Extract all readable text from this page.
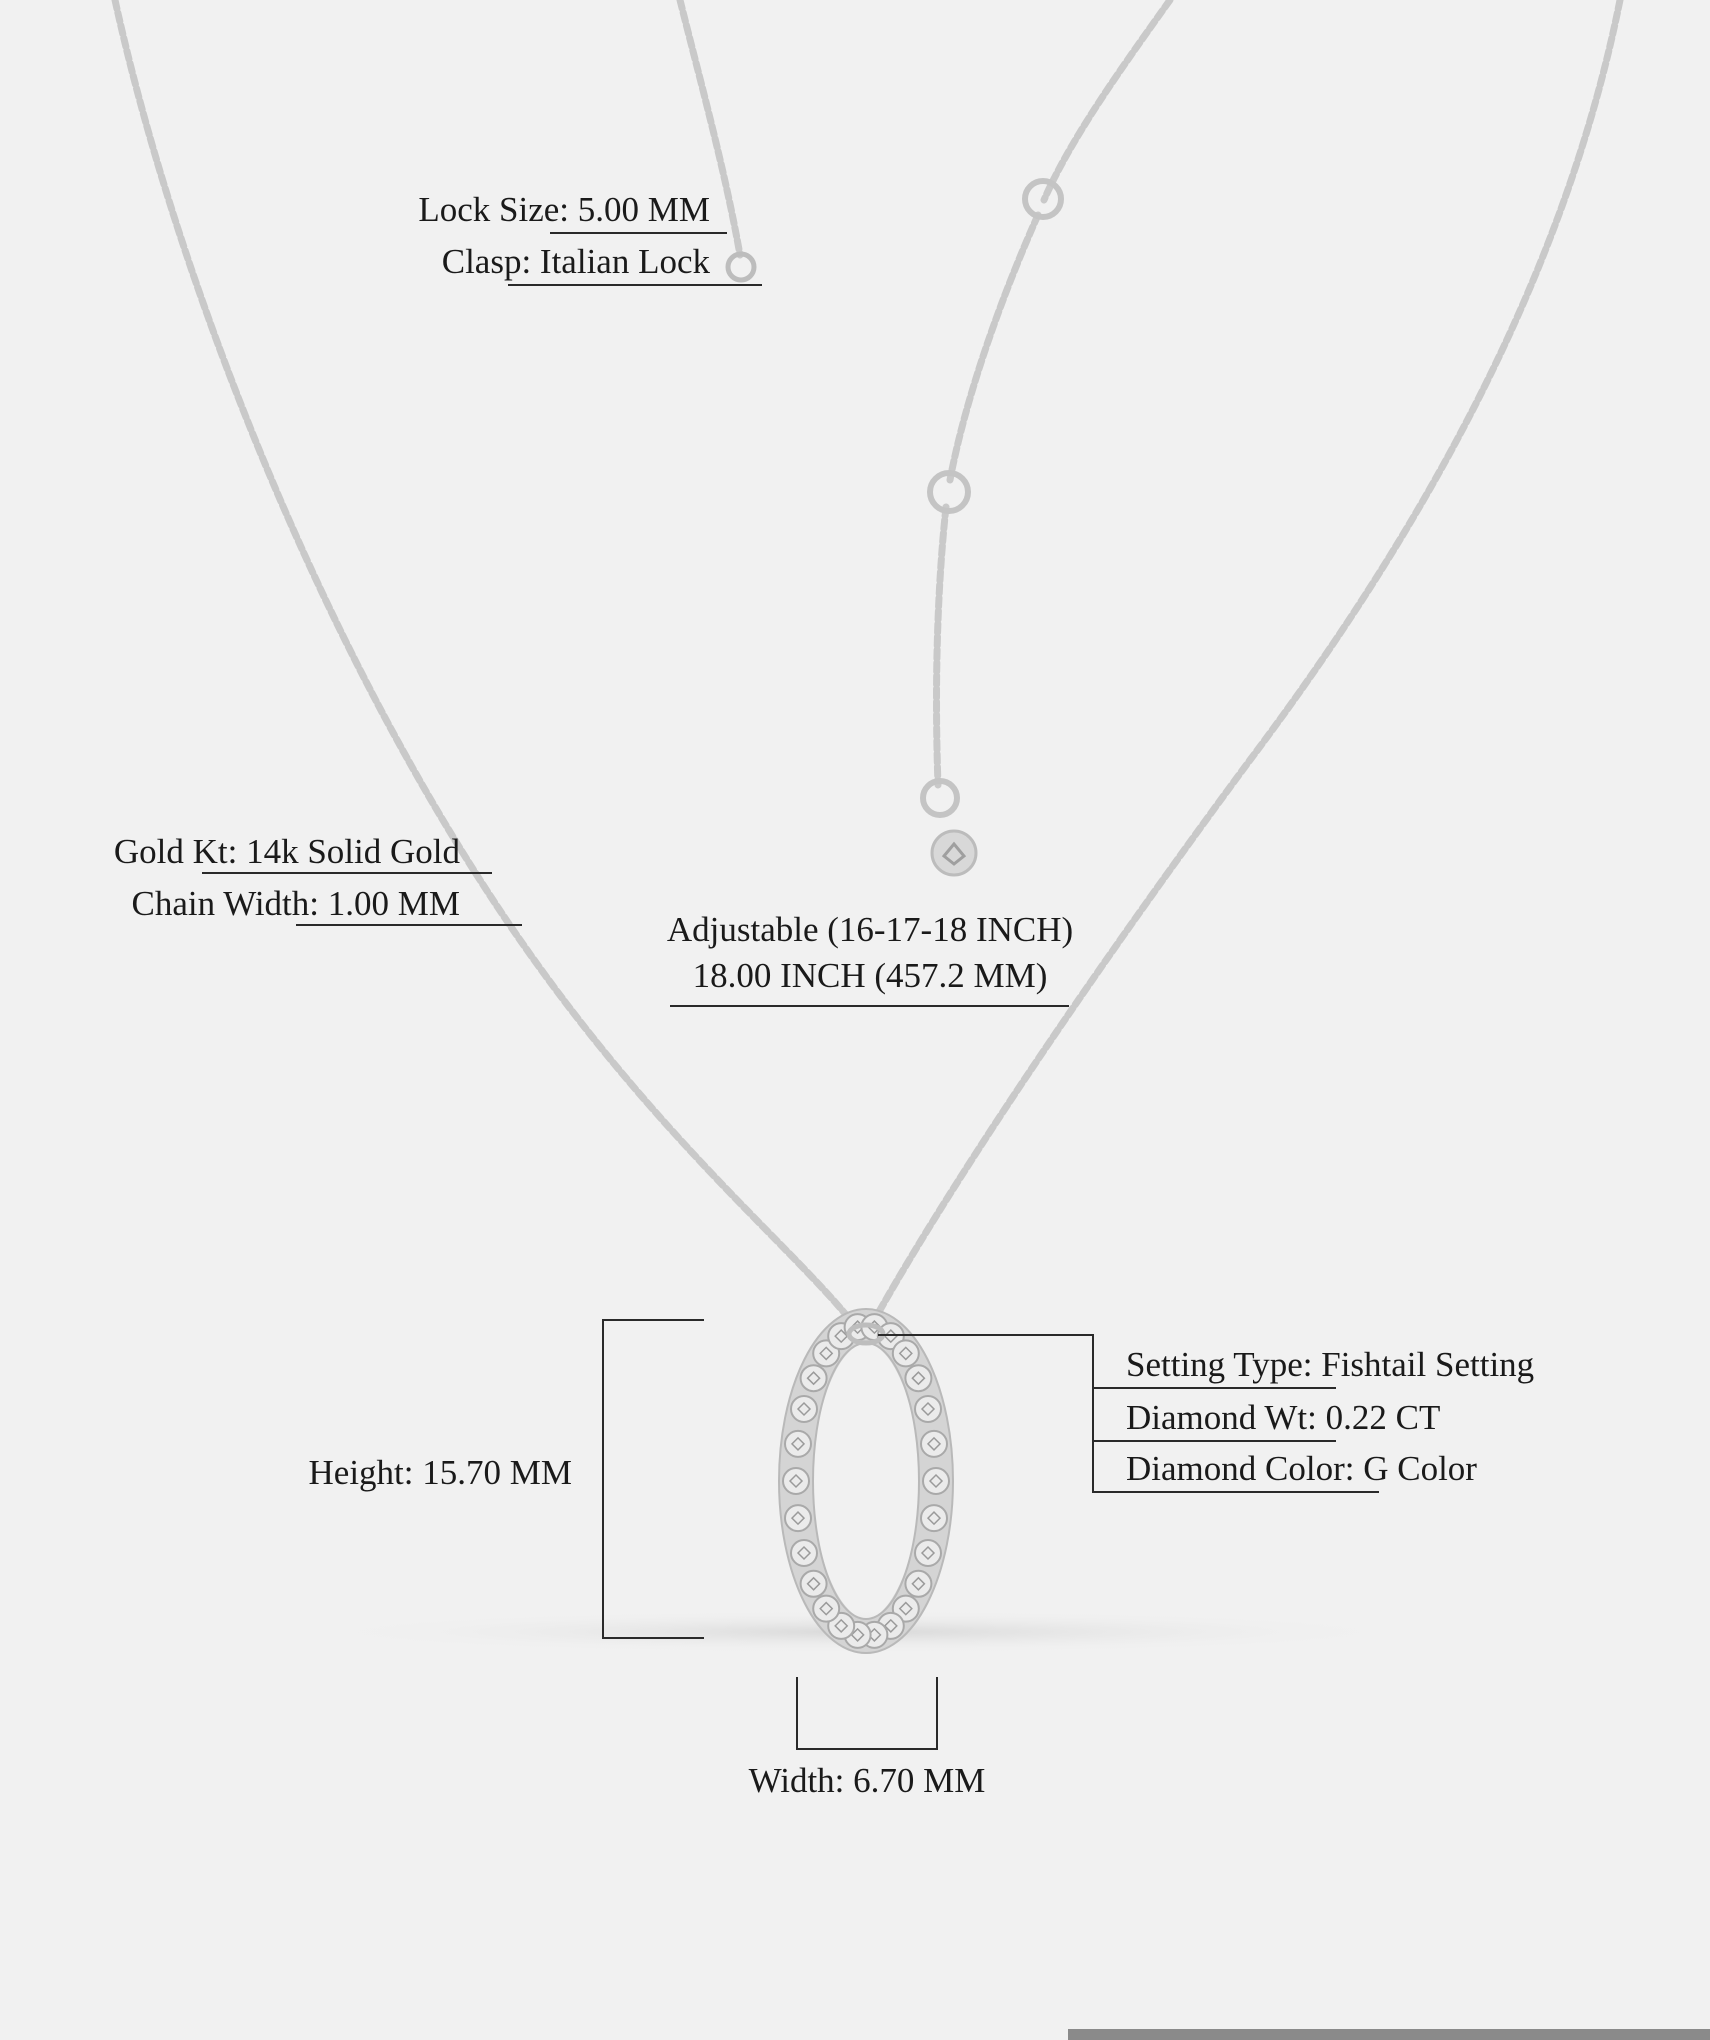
Lock Size: 5.00 MM
Clasp: Italian Lock
Gold Kt: 14k Solid Gold
Chain Width: 1.00 MM
Adjustable (16-17-18 INCH)
18.00 INCH (457.2 MM)
Setting Type: Fishtail Setting
Diamond Wt: 0.22 CT
Diamond Color: G Color
Height: 15.70 MM
Width: 6.70 MM
